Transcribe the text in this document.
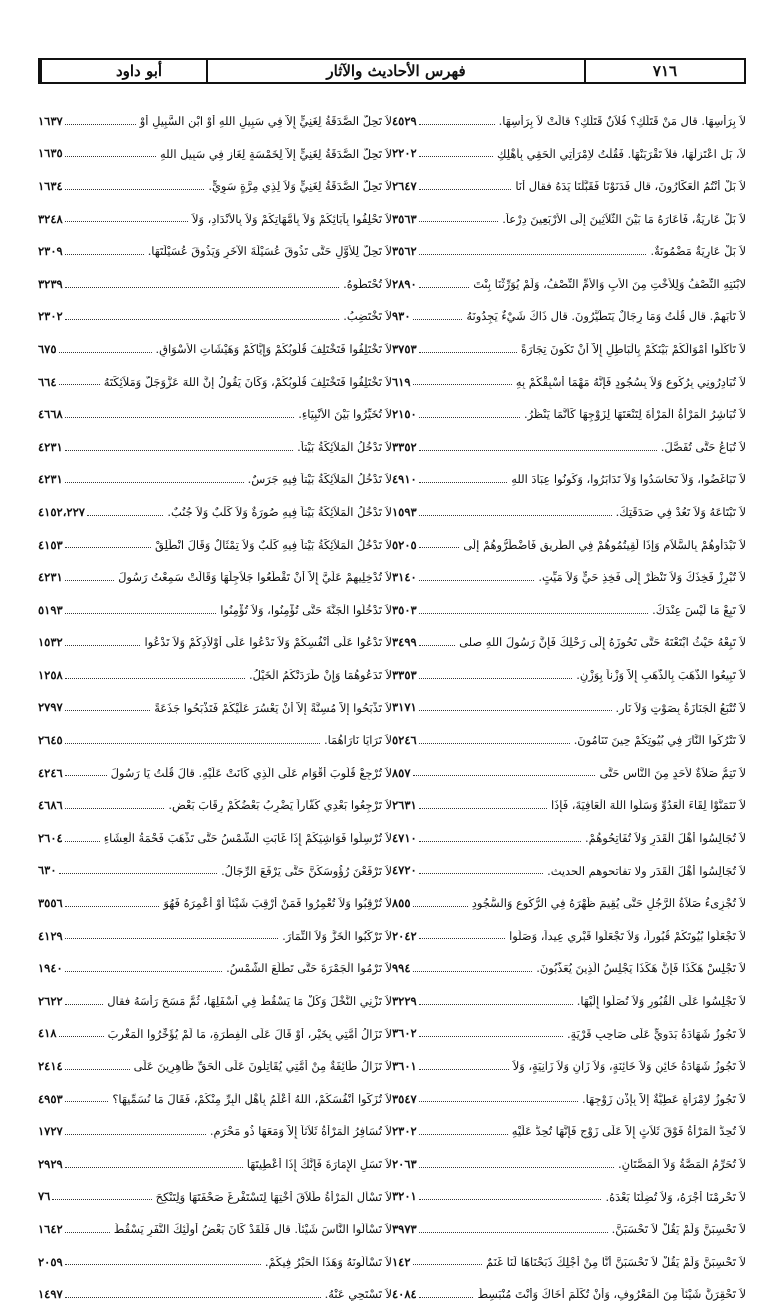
أبو داود	فهرس الأحاديث والآثار	٧١٦
لاَ بِرَأْسِهَا. قال مَنْ قَتَلَكِ؟ فُلاَنٌ قَتَلَكِ؟ قالَتْ لاَ بِرَأْسِهَا.
٤٥٢٩
لاَ، بَلِ اعْتَزِلْهَا، فلاَ تَقْرَبَنْهَا. فَقُلْتُ لاِمْرَأَتِي الْحَقِي بِأَهْلِكِ
٢٢٠٢
لاَ بَلْ أَنْتُمُ الْعَكَّارُونَ، قال فَدَنَوْنَا فَقَبَّلْنَا يَدَهُ فقال أَنَا
٢٦٤٧
لاَ بَلْ عَارِيَةٌ، فَأَعَارَهُ مَا بَيْنَ الثَّلاَثِينَ إِلَى الأَرْبَعِينَ دِرْعاً.
٣٥٦٣
لاَ بَلْ عَارِيَةٌ مَضْمُونَةٌ.
٣٥٦٢
لابْنَتِهِ النِّصْفُ وَلِلأُخْتِ مِنَ الأَبِ وَالأُمِّ النِّصْفُ، وَلَمْ يُوَرِّثْنَا بِنْتَ
٢٨٩٠
لاَ تَأْبَهِمْ. قال قُلْتُ وَمَا رِجَالٌ يَتَطَيَّرُونَ. قال ذَاكَ شَيْءٌ يَجِدُونَهُ
٩٣٠
لاَ تَأْكُلُوا أَمْوَالَكُمْ بَيْنَكُمْ بِالْبَاطِلِ إِلاَّ أَنْ تَكُونَ تِجَارَةً
٣٧٥٣
لاَ تُبَادِرُونِي بِرُكُوعٍ وَلاَ بِسُجُودٍ فَإِنَّهُ مَهْمَا أَسْبِقْكُمْ بِهِ
٦١٩
لاَ تُبَاشِرُ الْمَرْأَةُ الْمَرْأَةَ لِتَنْعَتَهَا لِزَوْجِهَا كَأَنَّمَا يَنْظُرُ.
٢١٥٠
لاَ تُبَاعُ حَتَّى تُفَصَّلَ.
٣٣٥٢
لاَ تَبَاغَضُوا، وَلاَ تَحَاسَدُوا وَلاَ تَدَابَرُوا، وَكُونُوا عِبَادَ اللهِ
٤٩١٠
لاَ تَبْتَاعَهُ وَلاَ تَعُدْ فِي صَدَقَتِكَ.
١٥٩٣
لاَ تَبْدَأُوهُمْ بِالسَّلاَمِ وَإِذَا لَقِيتُمُوهُمْ فِي الطَّرِيقِ فَاضْطَرُّوهُمْ إِلَى
٥٢٠٥
لاَ تُبْرِزْ فَخِذَكَ وَلاَ تَنْظُرْ إِلَى فَخِذِ حَيٍّ وَلاَ مَيِّتٍ.
٣١٤٠
لاَ تَبِعْ مَا لَيْسَ عِنْدَكَ.
٣٥٠٣
لاَ تَبِعْهُ حَيْثُ ابْتَعْتَهُ حَتَّى تَحُوزَهُ إِلَى رَحْلِكَ فَإِنَّ رَسُولَ اللهِ صلى
٣٤٩٩
لاَ تَبِيعُوا الذَّهَبَ بِالذَّهَبِ إِلاَّ وَزْناً بِوَزْنٍ.
٣٣٥٣
لاَ تُتْبَعُ الْجَنَازَةُ بِصَوْتٍ وَلاَ نَارٍ.
٣١٧١
لاَ تَتْرُكُوا النَّارَ فِي بُيُوتِكُمْ حِينَ تَنَامُونَ.
٥٢٤٦
لاَ تَتِمُّ صَلاَةٌ لأَحَدٍ مِنَ النَّاسِ حَتَّى
٨٥٧
لاَ تَتَمَنَّوْا لِقَاءَ الْعَدُوِّ وَسَلُوا اللهَ الْعَافِيَةَ، فَإِذَا
٢٦٣١
لاَ تُجَالِسُوا أَهْلَ الْقَدَرِ وَلاَ تُفَاتِحُوهُمْ.
٤٧١٠
لاَ تُجَالِسُوا أَهْلَ الْقَدَرِ ولا تفاتحوهم الحديث.
٤٧٢٠
لاَ تُجْزِىءُ صَلاَةُ الرَّجُلِ حَتَّى يُقِيمَ ظَهْرَهُ فِي الرُّكُوعِ وَالسُّجُودِ
٨٥٥
لاَ تَجْعَلُوا بُيُوتَكُمْ قُبُوراً، وَلاَ تَجْعَلُوا قَبْرِي عِيداً، وَصَلُّوا
٢٠٤٢
لاَ تَجْلِسْ هَكَذَا فَإِنَّ هَكَذَا يَجْلِسُ الَّذِينَ يُعَذَّبُونَ.
٩٩٤
لاَ تَجْلِسُوا عَلَى الْقُبُورِ وَلاَ تُصَلُّوا إِلَيْهَا.
٣٢٢٩
لاَ تَجُوزُ شَهَادَةُ بَدَوِيٍّ عَلَى صَاحِبِ قَرْيَةٍ.
٣٦٠٢
لاَ تَجُوزُ شَهَادَةُ خَائِنٍ وَلاَ خَائِنَةٍ، وَلاَ زَانٍ وَلاَ زَانِيَةٍ، وَلاَ
٣٦٠١
لاَ تَجُوزُ لاِمْرَأَةٍ عَطِيَّةٌ إِلاَّ بِإِذْنِ زَوْجِهَا.
٣٥٤٧
لاَ تُحِدُّ الْمَرْأَةُ فَوْقَ ثَلاَثٍ إِلاَّ عَلَى زَوْجٍ فَإِنَّهَا تُحِدُّ عَلَيْهِ
٢٣٠٢
لاَ تُحَرِّمُ الْمَصَّةُ وَلاَ الْمَصَّتَانِ.
٢٠٦٣
لاَ تَحْرِمْنَا أَجْرَهُ، وَلاَ تُضِلَّنَا بَعْدَهُ.
٣٢٠١
لاَ تَحْسِبَنَّ وَلَمْ يَقُلْ لاَ تَحْسَبَنَّ.
٣٩٧٣
لاَ تَحْسِبَنَّ وَلَمْ يَقُلْ لاَ تَحْسَبَنَّ أَنَّا مِنْ أَجْلِكَ ذَبَحْنَاهَا لَنَا غَنَمٌ
١٤٢
لاَ تَحْقِرَنَّ شَيْئاً مِنَ الْمَعْرُوفِ، وَأَنْ تُكَلِّمَ أَخَاكَ وَأَنْتَ مُنْبَسِطٌ
٤٠٨٤
لاَ تَحِلُّ الصَّدَقَةُ لِغَنِيٍّ إِلاَّ فِي سَبِيلِ اللهِ أَوْ ابْنِ السَّبِيلِ أَوْ
١٦٣٧
لاَ تَحِلُّ الصَّدَقَةُ لِغَنِيٍّ إِلاَّ لِخَمْسَةٍ لِغَازٍ فِي سَبِيلِ اللهِ
١٦٣٥
لاَ تَحِلُّ الصَّدَقَةُ لِغَنِيٍّ وَلاَ لِذِي مِرَّةٍ سَوِيٍّ.
١٦٣٤
لاَ تَحْلِفُوا بِآبَائِكُمْ وَلاَ بِأُمَّهَاتِكُمْ وَلاَ بِالأَنْدَادِ، وَلاَ
٣٢٤٨
لاَ تَحِلُّ لِلأَوَّلِ حَتَّى تَذُوقَ عُسَيْلَةَ الآخَرِ وَيَذُوقَ عُسَيْلَتَهَا.
٢٣٠٩
لاَ تُحْتَطُوهُ.
٣٢٣٩
لاَ تَخْتَضِبُ.
٢٣٠٢
لاَ تَخْتَلِفُوا فَتَخْتَلِفَ قُلُوبُكُمْ وَإِيَّاكُمْ وَهَيْشَاتِ الأَسْوَاقِ.
٦٧٥
لاَ تَخْتَلِفُوا فَتَخْتَلِفَ قُلُوبُكُمْ، وَكَانَ يَقُولُ إِنَّ اللهَ عَزَّوَجَلَّ وَمَلاَئِكَتَهُ
٦٦٤
لاَ تُخَيِّرُوا بَيْنَ الأَنْبِيَاءِ.
٤٦٦٨
لاَ تَدْخُلُ الْمَلاَئِكَةُ بَيْتاً.
٤٢٣١
لاَ تَدْخُلُ الْمَلاَئِكَةُ بَيْتاً فِيهِ جَرَسٌ.
٤٢٣١
لاَ تَدْخُلُ الْمَلاَئِكَةُ بَيْتاً فِيهِ صُورَةٌ وَلاَ كَلْبٌ وَلاَ جُنُبٌ.
٤١٥٢،٢٢٧
لاَ تَدْخُلُ الْمَلاَئِكَةُ بَيْتاً فِيهِ كَلْبٌ وَلاَ تِمْثَالٌ وَقَالَ انْطَلِقْ
٤١٥٣
لاَ تُدْخِلِيهِمْ عَلَيَّ إِلاَّ أَنْ تَقْطَعُوا جَلاَجِلَهَا وَقَالَتْ سَمِعْتُ رَسُولَ
٤٢٣١
لاَ تَدْخُلُوا الْجَنَّةَ حَتَّى تُؤْمِنُوا، وَلاَ تُؤْمِنُوا
٥١٩٣
لاَ تَدْعُوا عَلَى أَنْفُسِكُمْ وَلاَ تَدْعُوا عَلَى أَوْلاَدِكُمْ وَلاَ تَدْعُوا
١٥٣٢
لاَ تَدَعُوهُمَا وَإِنْ طَرَدَتْكُمُ الْخَيْلُ.
١٢٥٨
لاَ تَذْبَحُوا إِلاَّ مُسِنَّةً إِلاَّ أَنْ يَعْسُرَ عَلَيْكُمْ فَتَذْبَحُوا جَذَعَةً
٢٧٩٧
لاَ تَرَايَا نَارَاهُمَا.
٢٦٤٥
لاَ تُرْجِعْ قُلُوبَ أَقْوَامٍ عَلَى الَّذِي كَانَتْ عَلَيْهِ. قالَ قُلْتُ يَا رَسُولَ
٤٢٤٦
لاَ تَرْجِعُوا بَعْدِي كُفَّاراً يَضْرِبُ بَعْضُكُمْ رِقَابَ بَعْضٍ.
٤٦٨٦
لاَ تُرْسِلُوا فَوَاشِيَكُمْ إِذَا غَابَتِ الشَّمْسُ حَتَّى تَذْهَبَ فَحْمَةُ الْعِشَاءِ
٢٦٠٤
لاَ تَرْفَعْنَ رُؤُوسَكُنَّ حَتَّى يَرْفَعَ الرِّجَالُ.
٦٣٠
لاَ تُرْقِبُوا وَلاَ تُعْمِرُوا فَمَنْ أُرْقِبَ شَيْئاً أَوْ أُعْمِرَهُ فَهُوَ
٣٥٥٦
لاَ تَرْكَبُوا الْخَزَّ وَلاَ النِّمَارَ.
٤١٢٩
لاَ تَرْمُوا الْجَمْرَةَ حَتَّى تَطْلُعَ الشَّمْسُ.
١٩٤٠
لاَ تَزْنِي النَّخْلَ وَكُلْ مَا يَسْقُطُ فِي أَسْفَلِهَا، ثُمَّ مَسَحَ رَأْسَهُ فقال
٢٦٢٢
لاَ تَزَالُ أُمَّتِي بِخَيْرٍ، أَوْ قَالَ عَلَى الْفِطْرَةِ، مَا لَمْ يُؤَخِّرُوا الْمَغْرِبَ
٤١٨
لاَ تَزَالُ طَائِفَةٌ مِنْ أُمَّتِي يُقَاتِلُونَ عَلَى الْحَقِّ ظَاهِرِينَ عَلَى
٢٤١٤
لاَ تُزَكُّوا أَنْفُسَكُمْ، اللهُ أَعْلَمُ بِأَهْلِ الْبِرِّ مِنْكُمْ، فَقَالَ مَا نُسَمِّيهَا؟
٤٩٥٣
لاَ تُسَافِرُ الْمَرْأَةُ ثَلاَثاً إِلاَّ وَمَعَهَا ذُو مَحْرَمٍ.
١٧٢٧
لاَ تَسَلِ الإِمَارَةَ فَإِنَّكَ إِذَا أُعْطِيتَهَا
٢٩٢٩
لاَ تَسْأَلِ الْمَرْأَةُ طَلاَقَ أُخْتِهَا لِتَسْتَفْرِغَ صَحْفَتَهَا وَلِتَنْكِحَ
٧٦
لاَ تَسْأَلُوا النَّاسَ شَيْئاً. قال فَلَقَدْ كَانَ بَعْضُ أُولَئِكَ النَّفَرِ يَسْقُطُ
١٦٤٢
لاَ تَسْأَلُونَهُ وَهَذَا الْحَبْرُ فِيكُمْ.
٢٠٥٩
لاَ تَسْتَحِي عَنْهُ.
١٤٩٧
